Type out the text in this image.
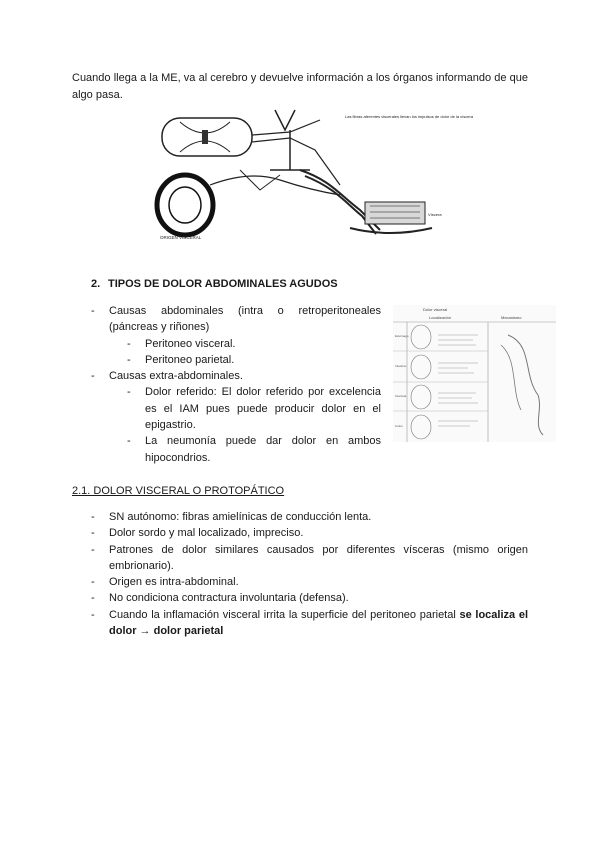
Cuando llega a la ME, va al cerebro y devuelve información a los órganos informando de que algo pasa.

Las fibras aferentes viscerales llevan los impulsos de dolor de la víscera
Víscera
ORIGEN VISCERAL
2. TIPOS DE DOLOR ABDOMINALES AGUDOS
-	Causas abdominales (intra o retroperitoneales (páncreas y riñones)
-	Peritoneo visceral.
-	Peritoneo parietal.
-	Causas extra-abdominales.
-	Dolor referido: El dolor referido por excelencia es el IAM pues puede producir dolor en el epigastrio.
-	La neumonía puede dar dolor en ambos hipocondrios.
Dolor visceral
Localización	Mecanismo
Estómago
Intestino
Vesícula
Colon
2.1. DOLOR VISCERAL O PROTOPÁTICO
-	SN autónomo: fibras amielínicas de conducción lenta.
-	Dolor sordo y mal localizado, impreciso.
-	Patrones de dolor similares causados por diferentes vísceras (mismo origen embrionario).
-	Origen es intra-abdominal.
-	No condiciona contractura involuntaria (defensa).
-	Cuando la inflamación visceral irrita la superficie del peritoneo parietal se localiza el dolor → dolor parietal
